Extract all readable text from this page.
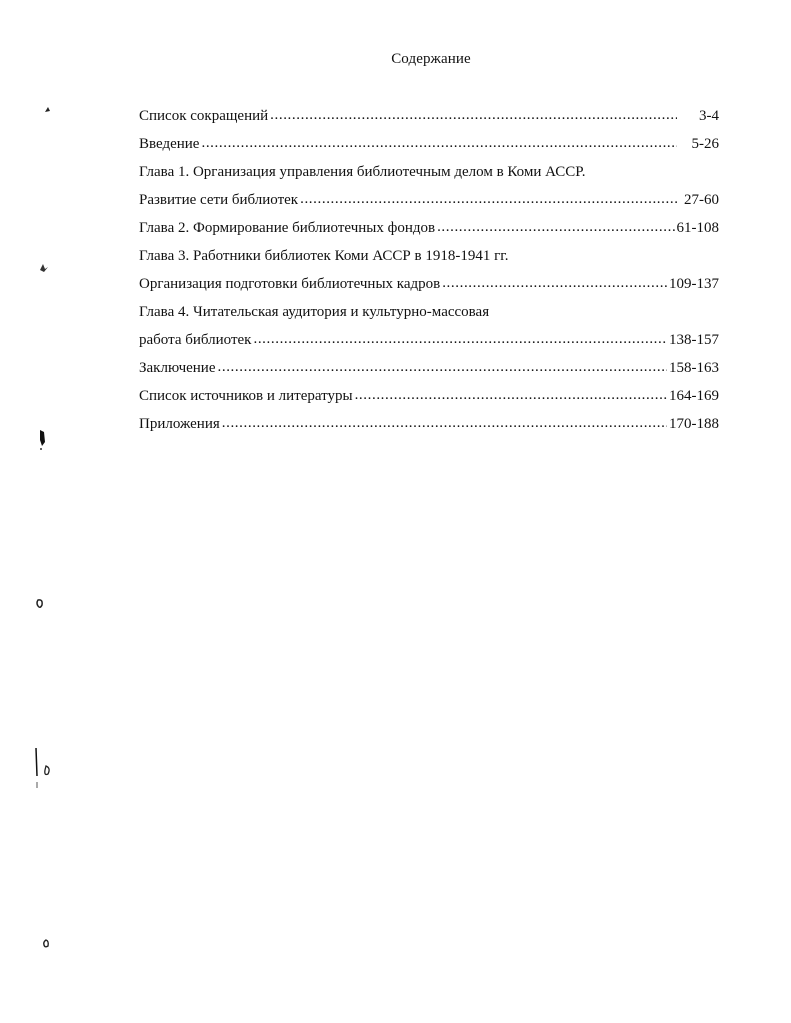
Содержание
Список сокращений .....	3-4
Введение .....	5-26
Глава 1. Организация управления библиотечным делом в Коми АССР.
Развитие сети библиотек .....	27-60
Глава 2. Формирование библиотечных фондов .....	61-108
Глава 3. Работники библиотек Коми АССР в 1918-1941 гг.
Организация подготовки библиотечных кадров .....	109-137
Глава 4. Читательская аудитория и культурно-массовая
работа библиотек .....	138-157
Заключение .....	158-163
Список источников и литературы .....	164-169
Приложения .....	170-188
